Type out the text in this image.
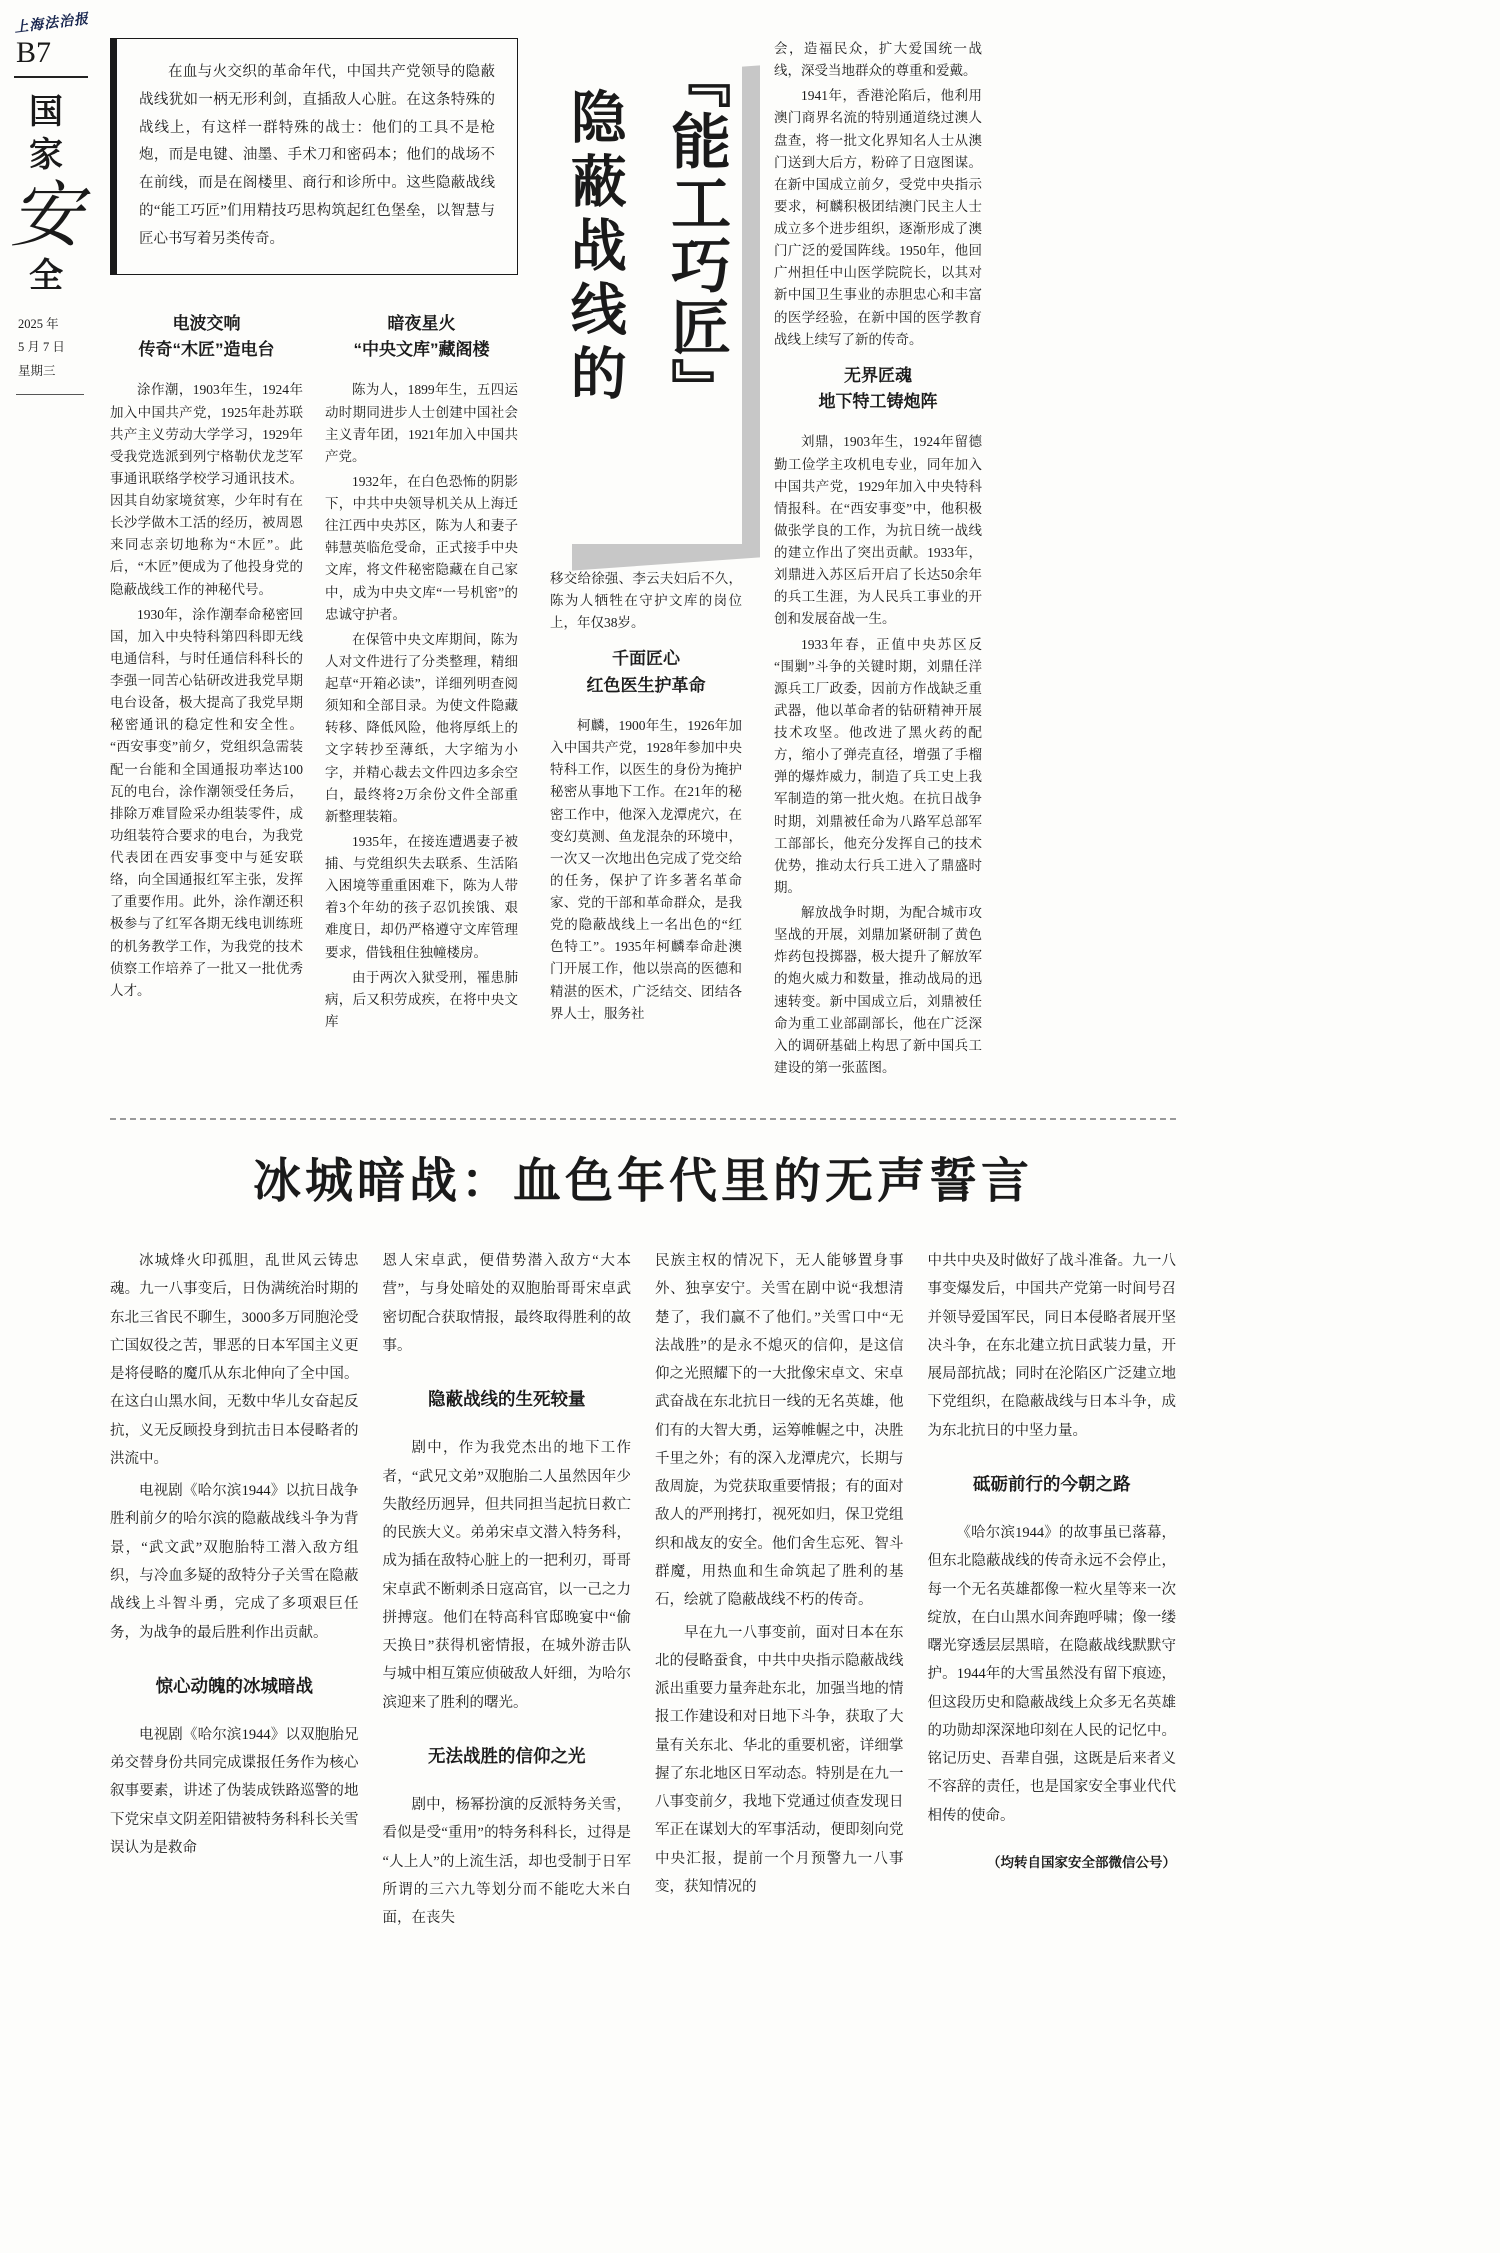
上海法治报
B7
国
家
安
全
2025 年
5 月 7 日
星期三

在血与火交织的革命年代，中国共产党领导的隐蔽战线犹如一柄无形利剑，直插敌人心脏。在这条特殊的战线上，有这样一群特殊的战士：他们的工具不是枪炮，而是电键、油墨、手术刀和密码本；他们的战场不在前线，而是在阁楼里、商行和诊所中。这些隐蔽战线的“能工巧匠”们用精技巧思构筑起红色堡垒，以智慧与匠心书写着另类传奇。

电波交响
传奇“木匠”造电台

涂作潮，1903年生，1924年加入中国共产党，1925年赴苏联共产主义劳动大学学习，1929年受我党选派到列宁格勒伏龙芝军事通讯联络学校学习通讯技术。因其自幼家境贫寒，少年时有在长沙学做木工活的经历，被周恩来同志亲切地称为“木匠”。此后，“木匠”便成为了他投身党的隐蔽战线工作的神秘代号。

1930年，涂作潮奉命秘密回国，加入中央特科第四科即无线电通信科，与时任通信科科长的李强一同苦心钻研改进我党早期电台设备，极大提高了我党早期秘密通讯的稳定性和安全性。“西安事变”前夕，党组织急需装配一台能和全国通报功率达100瓦的电台，涂作潮领受任务后，排除万难冒险采办组装零件，成功组装符合要求的电台，为我党代表团在西安事变中与延安联络，向全国通报红军主张，发挥了重要作用。此外，涂作潮还积极参与了红军各期无线电训练班的机务教学工作，为我党的技术侦察工作培养了一批又一批优秀人才。

暗夜星火
“中央文库”藏阁楼

陈为人，1899年生，五四运动时期同进步人士创建中国社会主义青年团，1921年加入中国共产党。

1932年，在白色恐怖的阴影下，中共中央领导机关从上海迁往江西中央苏区，陈为人和妻子韩慧英临危受命，正式接手中央文库，将文件秘密隐藏在自己家中，成为中央文库“一号机密”的忠诚守护者。

在保管中央文库期间，陈为人对文件进行了分类整理，精细起草“开箱必读”，详细列明查阅须知和全部目录。为使文件隐藏转移、降低风险，他将厚纸上的文字转抄至薄纸，大字缩为小字，并精心裁去文件四边多余空白，最终将2万余份文件全部重新整理装箱。

1935年，在接连遭遇妻子被捕、与党组织失去联系、生活陷入困境等重重困难下，陈为人带着3个年幼的孩子忍饥挨饿、艰难度日，却仍严格遵守文库管理要求，借钱租住独幢楼房。

由于两次入狱受刑，罹患肺病，后又积劳成疾，在将中央文库

隐蔽战线的 『能工巧匠』

移交给徐强、李云夫妇后不久，陈为人牺牲在守护文库的岗位上，年仅38岁。

千面匠心
红色医生护革命

柯麟，1900年生，1926年加入中国共产党，1928年参加中央特科工作，以医生的身份为掩护秘密从事地下工作。在21年的秘密工作中，他深入龙潭虎穴，在变幻莫测、鱼龙混杂的环境中，一次又一次地出色完成了党交给的任务，保护了许多著名革命家、党的干部和革命群众，是我党的隐蔽战线上一名出色的“红色特工”。1935年柯麟奉命赴澳门开展工作，他以崇高的医德和精湛的医术，广泛结交、团结各界人士，服务社

会，造福民众，扩大爱国统一战线，深受当地群众的尊重和爱戴。

1941年，香港沦陷后，他利用澳门商界名流的特别通道绕过澳人盘查，将一批文化界知名人士从澳门送到大后方，粉碎了日寇图谋。在新中国成立前夕，受党中央指示要求，柯麟积极团结澳门民主人士成立多个进步组织，逐渐形成了澳门广泛的爱国阵线。1950年，他回广州担任中山医学院院长，以其对新中国卫生事业的赤胆忠心和丰富的医学经验，在新中国的医学教育战线上续写了新的传奇。

无界匠魂
地下特工铸炮阵

刘鼎，1903年生，1924年留德勤工俭学主攻机电专业，同年加入中国共产党，1929年加入中央特科情报科。在“西安事变”中，他积极做张学良的工作，为抗日统一战线的建立作出了突出贡献。1933年，刘鼎进入苏区后开启了长达50余年的兵工生涯，为人民兵工事业的开创和发展奋战一生。

1933年春，正值中央苏区反“围剿”斗争的关键时期，刘鼎任洋源兵工厂政委，因前方作战缺乏重武器，他以革命者的钻研精神开展技术攻坚。他改进了黑火药的配方，缩小了弹壳直径，增强了手榴弹的爆炸威力，制造了兵工史上我军制造的第一批火炮。在抗日战争时期，刘鼎被任命为八路军总部军工部部长，他充分发挥自己的技术优势，推动太行兵工进入了鼎盛时期。

解放战争时期，为配合城市攻坚战的开展，刘鼎加紧研制了黄色炸药包投掷器，极大提升了解放军的炮火威力和数量，推动战局的迅速转变。新中国成立后，刘鼎被任命为重工业部副部长，他在广泛深入的调研基础上构思了新中国兵工建设的第一张蓝图。

冰城暗战：血色年代里的无声誓言

冰城烽火印孤胆，乱世风云铸忠魂。九一八事变后，日伪满统治时期的东北三省民不聊生，3000多万同胞沦受亡国奴役之苦，罪恶的日本军国主义更是将侵略的魔爪从东北伸向了全中国。在这白山黑水间，无数中华儿女奋起反抗，义无反顾投身到抗击日本侵略者的洪流中。

电视剧《哈尔滨1944》以抗日战争胜利前夕的哈尔滨的隐蔽战线斗争为背景，“武文武”双胞胎特工潜入敌方组织，与冷血多疑的敌特分子关雪在隐蔽战线上斗智斗勇，完成了多项艰巨任务，为战争的最后胜利作出贡献。

惊心动魄的冰城暗战

电视剧《哈尔滨1944》以双胞胎兄弟交替身份共同完成谍报任务作为核心叙事要素，讲述了伪装成铁路巡警的地下党宋卓文阴差阳错被特务科科长关雪误认为是救命

恩人宋卓武，便借势潜入敌方“大本营”，与身处暗处的双胞胎哥哥宋卓武密切配合获取情报，最终取得胜利的故事。

隐蔽战线的生死较量

剧中，作为我党杰出的地下工作者，“武兄文弟”双胞胎二人虽然因年少失散经历迥异，但共同担当起抗日救亡的民族大义。弟弟宋卓文潜入特务科，成为插在敌特心脏上的一把利刃，哥哥宋卓武不断刺杀日寇高官，以一己之力拼搏寇。他们在特高科官邸晚宴中“偷天换日”获得机密情报，在城外游击队与城中相互策应侦破敌人奸细，为哈尔滨迎来了胜利的曙光。

无法战胜的信仰之光

剧中，杨幂扮演的反派特务关雪，看似是受“重用”的特务科科长，过得是“人上人”的上流生活，却也受制于日军所谓的三六九等划分而不能吃大米白面，在丧失

民族主权的情况下，无人能够置身事外、独享安宁。关雪在剧中说“我想清楚了，我们赢不了他们。”关雪口中“无法战胜”的是永不熄灭的信仰，是这信仰之光照耀下的一大批像宋卓文、宋卓武奋战在东北抗日一线的无名英雄，他们有的大智大勇，运筹帷幄之中，决胜千里之外；有的深入龙潭虎穴，长期与敌周旋，为党获取重要情报；有的面对敌人的严刑拷打，视死如归，保卫党组织和战友的安全。他们舍生忘死、智斗群魔，用热血和生命筑起了胜利的基石，绘就了隐蔽战线不朽的传奇。

早在九一八事变前，面对日本在东北的侵略蚕食，中共中央指示隐蔽战线派出重要力量奔赴东北，加强当地的情报工作建设和对日地下斗争，获取了大量有关东北、华北的重要机密，详细掌握了东北地区日军动态。特别是在九一八事变前夕，我地下党通过侦查发现日军正在谋划大的军事活动，便即刻向党中央汇报，提前一个月预警九一八事变，获知情况的

中共中央及时做好了战斗准备。九一八事变爆发后，中国共产党第一时间号召并领导爱国军民，同日本侵略者展开坚决斗争，在东北建立抗日武装力量，开展局部抗战；同时在沦陷区广泛建立地下党组织，在隐蔽战线与日本斗争，成为东北抗日的中坚力量。

砥砺前行的今朝之路

《哈尔滨1944》的故事虽已落幕，但东北隐蔽战线的传奇永远不会停止，每一个无名英雄都像一粒火星等来一次绽放，在白山黑水间奔跑呼啸；像一缕曙光穿透层层黑暗，在隐蔽战线默默守护。1944年的大雪虽然没有留下痕迹，但这段历史和隐蔽战线上众多无名英雄的功勋却深深地印刻在人民的记忆中。铭记历史、吾辈自强，这既是后来者义不容辞的责任，也是国家安全事业代代相传的使命。

（均转自国家安全部微信公号）
